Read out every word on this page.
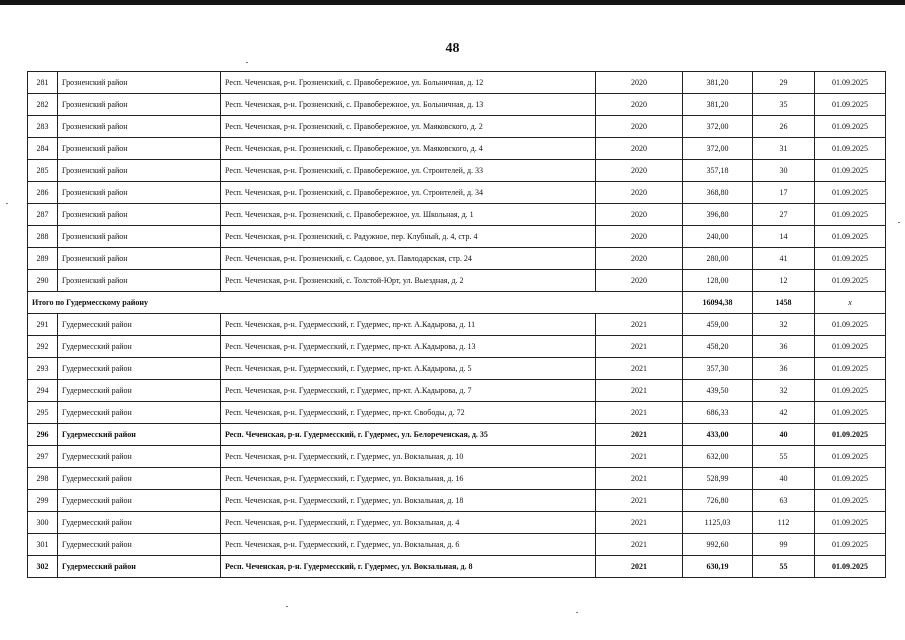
48
281	Грозненский район	Респ. Чеченская, р-н. Грозненский, с. Правобережное, ул. Больничная, д. 12	2020	381,20	29	01.09.2025
282	Грозненский район	Респ. Чеченская, р-н. Грозненский, с. Правобережное, ул. Больничная, д. 13	2020	381,20	35	01.09.2025
283	Грозненский район	Респ. Чеченская, р-н. Грозненский, с. Правобережное, ул. Маяковского, д. 2	2020	372,00	26	01.09.2025
284	Грозненский район	Респ. Чеченская, р-н. Грозненский, с. Правобережное, ул. Маяковского, д. 4	2020	372,00	31	01.09.2025
285	Грозненский район	Респ. Чеченская, р-н. Грозненский, с. Правобережное, ул. Строителей, д. 33	2020	357,18	30	01.09.2025
286	Грозненский район	Респ. Чеченская, р-н. Грозненский, с. Правобережное, ул. Строителей, д. 34	2020	368,80	17	01.09.2025
287	Грозненский район	Респ. Чеченская, р-н. Грозненский, с. Правобережное, ул. Школьная, д. 1	2020	396,80	27	01.09.2025
288	Грозненский район	Респ. Чеченская, р-н. Грозненский, с. Радужное, пер. Клубный, д. 4, стр. 4	2020	240,00	14	01.09.2025
289	Грозненский район	Респ. Чеченская, р-н. Грозненский, с. Садовое, ул. Павлодарская, стр. 24	2020	280,00	41	01.09.2025
290	Грозненский район	Респ. Чеченская, р-н. Грозненский, с. Толстой-Юрт, ул. Выездная, д. 2	2020	128,00	12	01.09.2025
Итого по Гудермесскому району				16094,38	1458	x
291	Гудермесский район	Респ. Чеченская, р-н. Гудермесский, г. Гудермес, пр-кт. А.Кадырова, д. 11	2021	459,00	32	01.09.2025
292	Гудермесский район	Респ. Чеченская, р-н. Гудермесский, г. Гудермес, пр-кт. А.Кадырова, д. 13	2021	458,20	36	01.09.2025
293	Гудермесский район	Респ. Чеченская, р-н. Гудермесский, г. Гудермес, пр-кт. А.Кадырова, д. 5	2021	357,30	36	01.09.2025
294	Гудермесский район	Респ. Чеченская, р-н. Гудермесский, г. Гудермес, пр-кт. А.Кадырова, д. 7	2021	439,50	32	01.09.2025
295	Гудермесский район	Респ. Чеченская, р-н. Гудермесский, г. Гудермес, пр-кт. Свободы, д. 72	2021	686,33	42	01.09.2025
296	Гудермесский район	Респ. Чеченская, р-н. Гудермесский, г. Гудермес, ул. Белореченская, д. 35	2021	433,00	40	01.09.2025
297	Гудермесский район	Респ. Чеченская, р-н. Гудермесский, г. Гудермес, ул. Вокзальная, д. 10	2021	632,00	55	01.09.2025
298	Гудермесский район	Респ. Чеченская, р-н. Гудермесский, г. Гудермес, ул. Вокзальная, д. 16	2021	528,99	40	01.09.2025
299	Гудермесский район	Респ. Чеченская, р-н. Гудермесский, г. Гудермес, ул. Вокзальная, д. 18	2021	726,80	63	01.09.2025
300	Гудермесский район	Респ. Чеченская, р-н. Гудермесский, г. Гудермес, ул. Вокзальная, д. 4	2021	1125,03	112	01.09.2025
301	Гудермесский район	Респ. Чеченская, р-н. Гудермесский, г. Гудермес, ул. Вокзальная, д. 6	2021	992,60	99	01.09.2025
302	Гудермесский район	Респ. Чеченская, р-н. Гудермесский, г. Гудермес, ул. Вокзальная, д. 8	2021	630,19	55	01.09.2025
